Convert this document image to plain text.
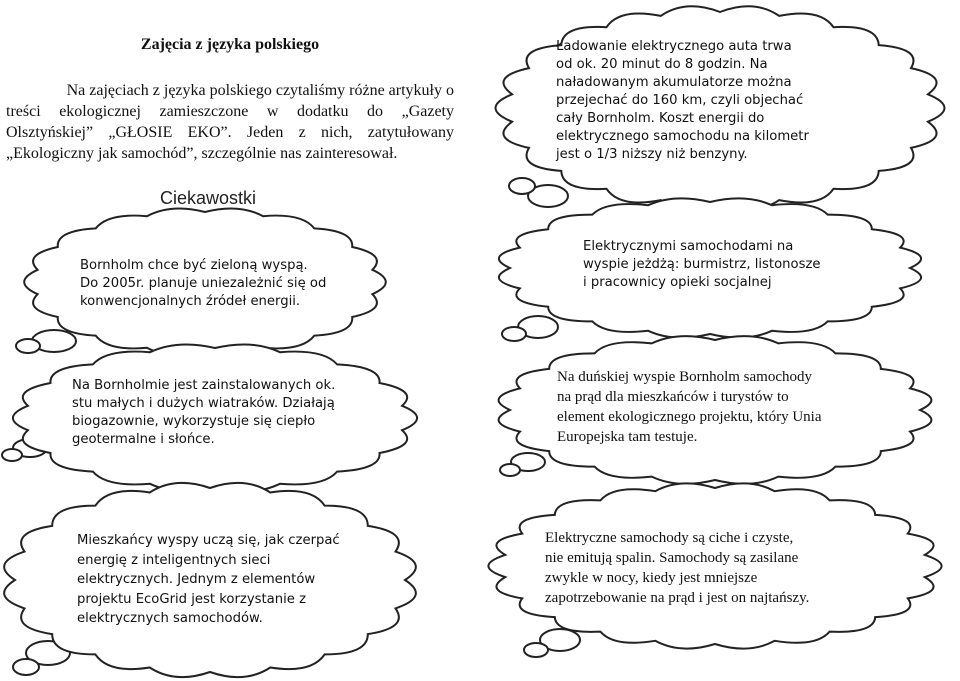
Zajęcia z języka polskiego
Na zajęciach z języka polskiego czytaliśmy różne artykuły o
treści ekologicznej zamieszczone w dodatku do „Gazety
Olsztyńskiej” „GŁOSIE EKO”. Jeden z nich, zatytułowany
„Ekologiczny jak samochód”, szczególnie nas zainteresował.
Ciekawostki
Ładowanie elektrycznego auta trwa
od ok. 20 minut do 8 godzin. Na
naładowanym akumulatorze można
przejechać do 160 km, czyli objechać
cały Bornholm. Koszt energii do
elektrycznego samochodu na kilometr
jest o 1/3 niższy niż benzyny.
Bornholm chce być zieloną wyspą.
Do 2005r. planuje uniezależnić się od
konwencjonalnych źródeł energii.
Elektrycznymi samochodami na
wyspie jeżdżą: burmistrz, listonosze
i pracownicy opieki socjalnej
Na Bornholmie jest zainstalowanych ok.
stu małych i dużych wiatraków. Działają
biogazownie, wykorzystuje się ciepło
geotermalne i słońce.
Na duńskiej wyspie Bornholm samochody
na prąd dla mieszkańców i turystów to
element ekologicznego projektu, który Unia
Europejska tam testuje.
Mieszkańcy wyspy uczą się, jak czerpać
energię z inteligentnych sieci
elektrycznych. Jednym z elementów
projektu EcoGrid jest korzystanie z
elektrycznych samochodów.
Elektryczne samochody są ciche i czyste,
nie emitują spalin. Samochody są zasilane
zwykle w nocy, kiedy jest mniejsze
zapotrzebowanie na prąd i jest on najtańszy.
